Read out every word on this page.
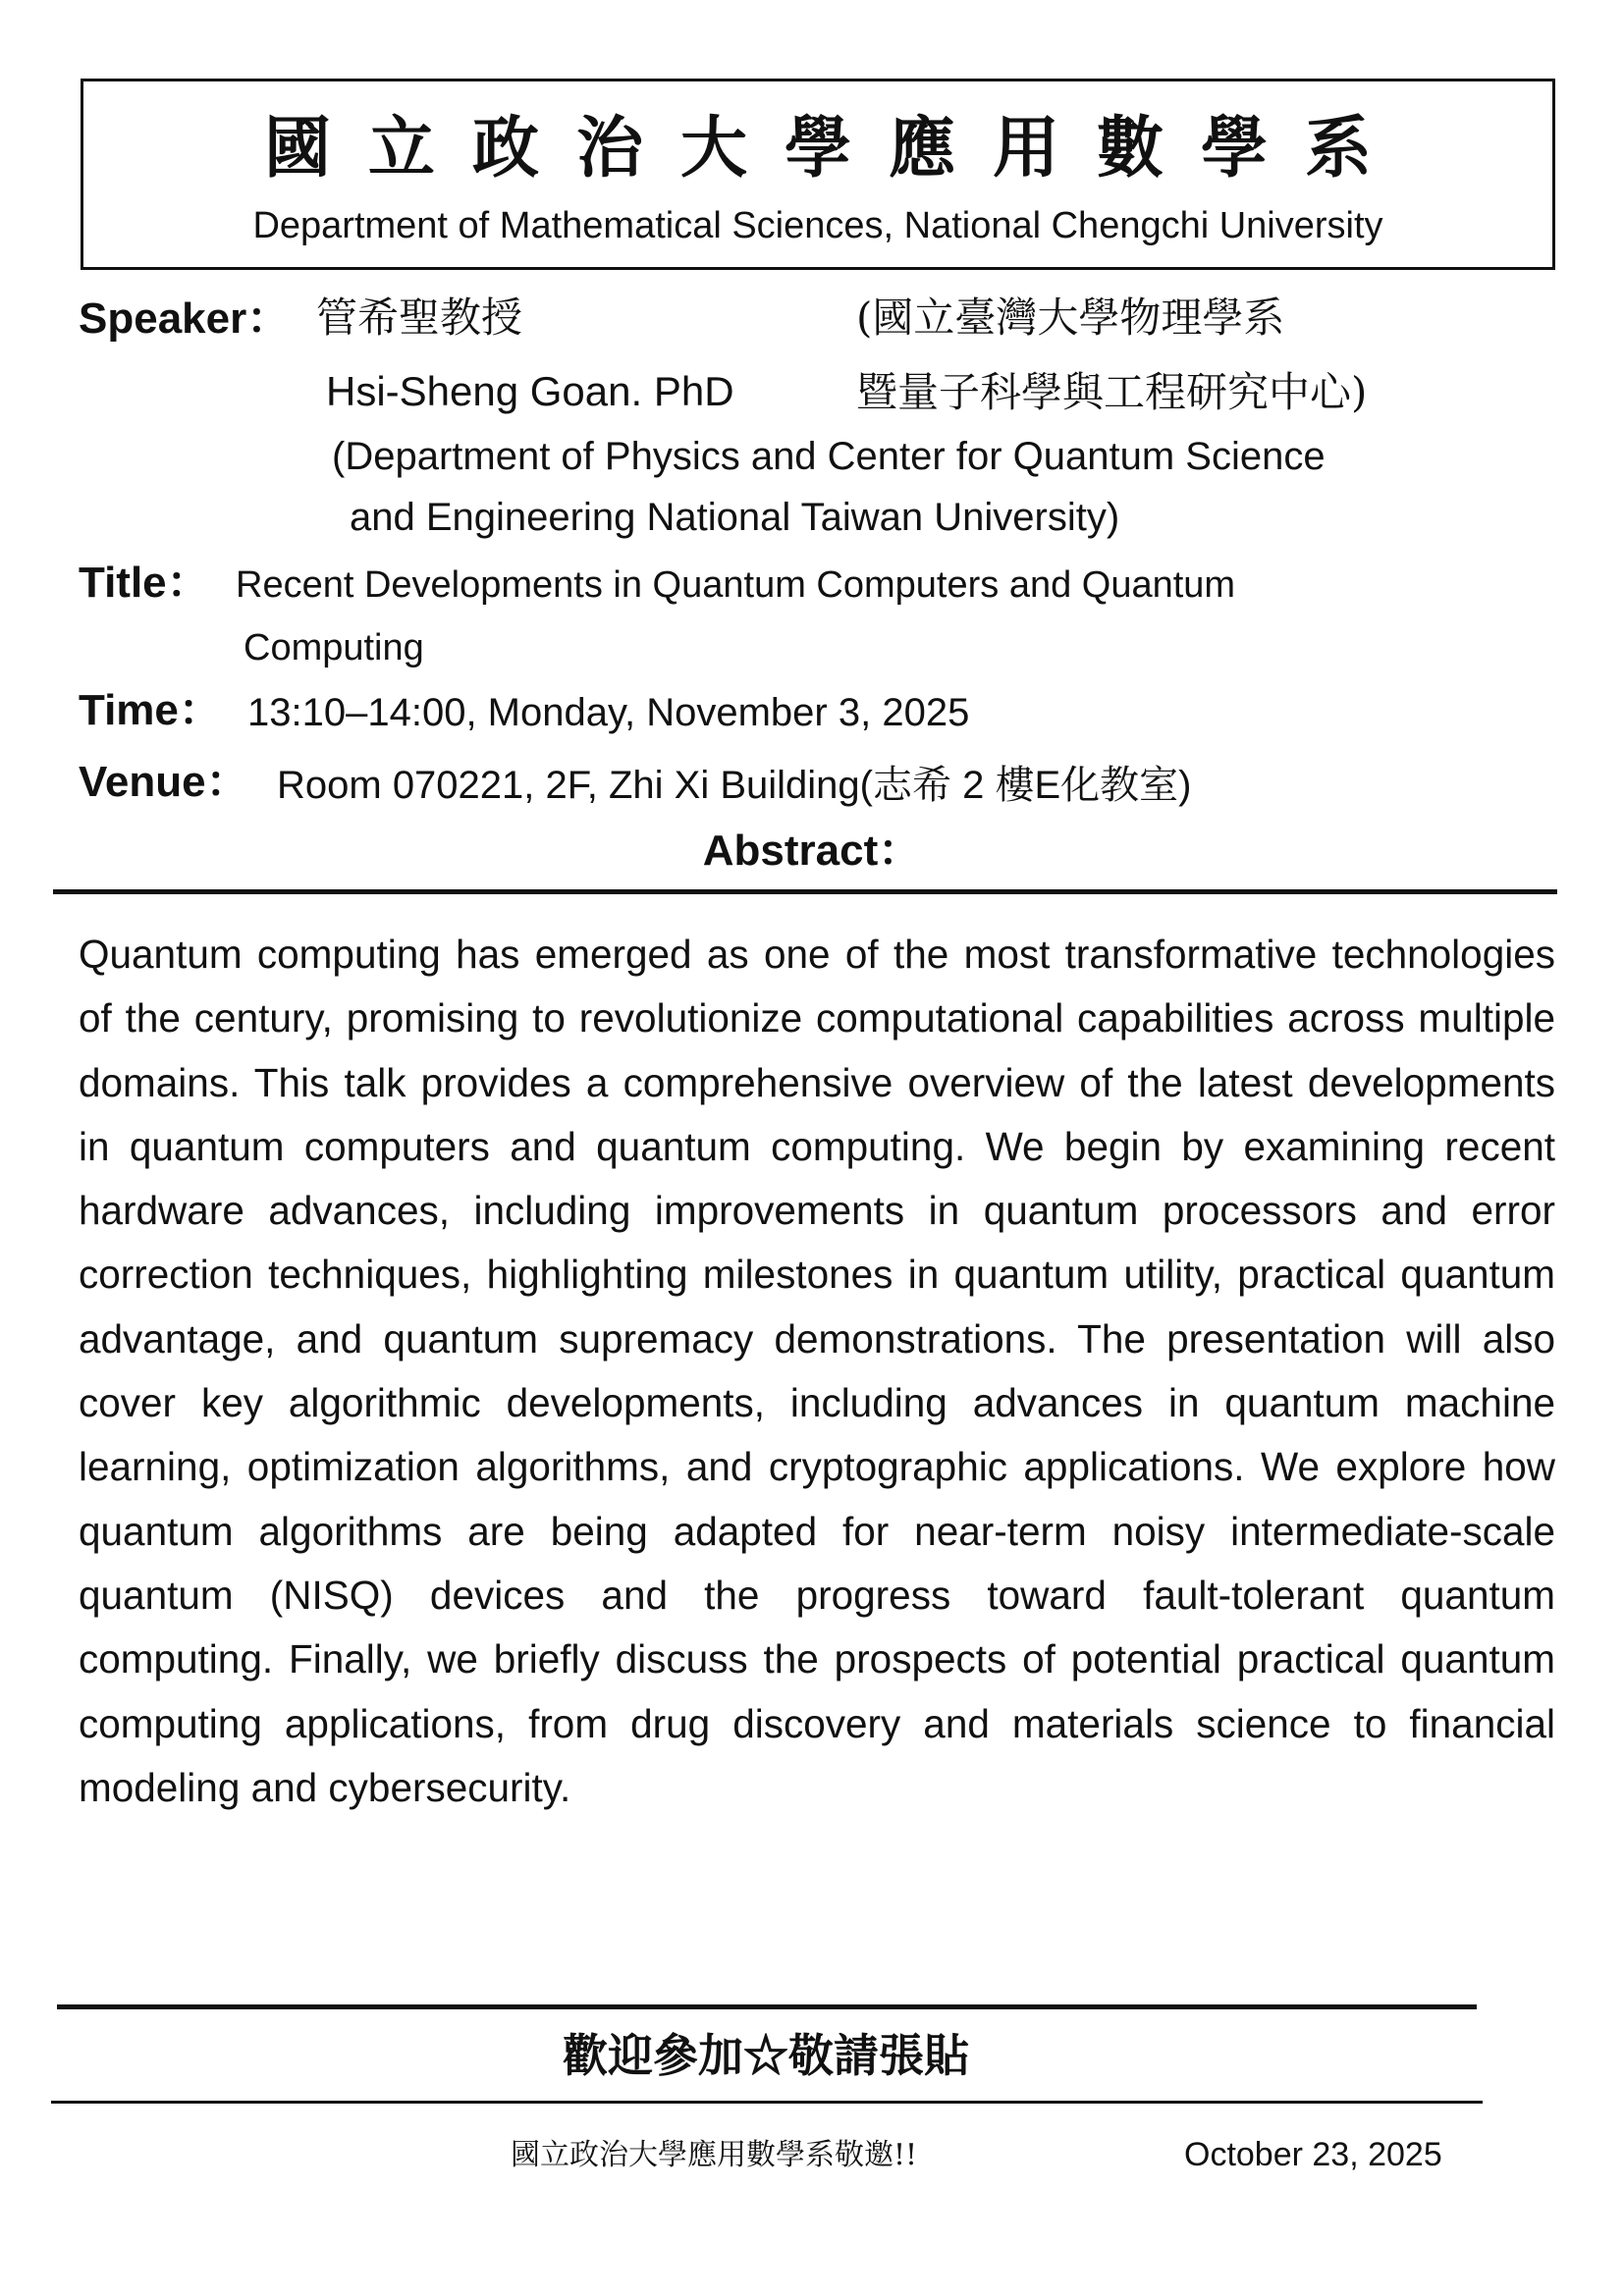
國立政治大學應用數學系
Department of Mathematical Sciences, National Chengchi University
Speaker： 管希聖教授	(國立臺灣大學物理學系
Hsi-Sheng Goan. PhD	暨量子科學與工程研究中心)
(Department of Physics and Center for Quantum Science
and Engineering National Taiwan University)
Title： Recent Developments in Quantum Computers and Quantum
Computing
Time： 13:10–14:00, Monday, November 3, 2025
Venue： Room 070221, 2F, Zhi Xi Building(志希 2 樓E化教室)
Abstract：

Quantum computing has emerged as one of the most transformative technologies of the century, promising to revolutionize computational capabilities across multiple domains. This talk provides a comprehensive overview of the latest developments in quantum computers and quantum computing. We begin by examining recent hardware advances, including improvements in quantum processors and error correction techniques, highlighting milestones in quantum utility, practical quantum advantage, and quantum supremacy demonstrations. The presentation will also cover key algorithmic developments, including advances in quantum machine learning, optimization algorithms, and cryptographic applications. We explore how quantum algorithms are being adapted for near-term noisy intermediate-scale quantum (NISQ) devices and the progress toward fault-tolerant quantum computing. Finally, we briefly discuss the prospects of potential practical quantum computing applications, from drug discovery and materials science to financial modeling and cybersecurity.

歡迎參加☆敬請張貼
國立政治大學應用數學系敬邀!!	October 23, 2025
